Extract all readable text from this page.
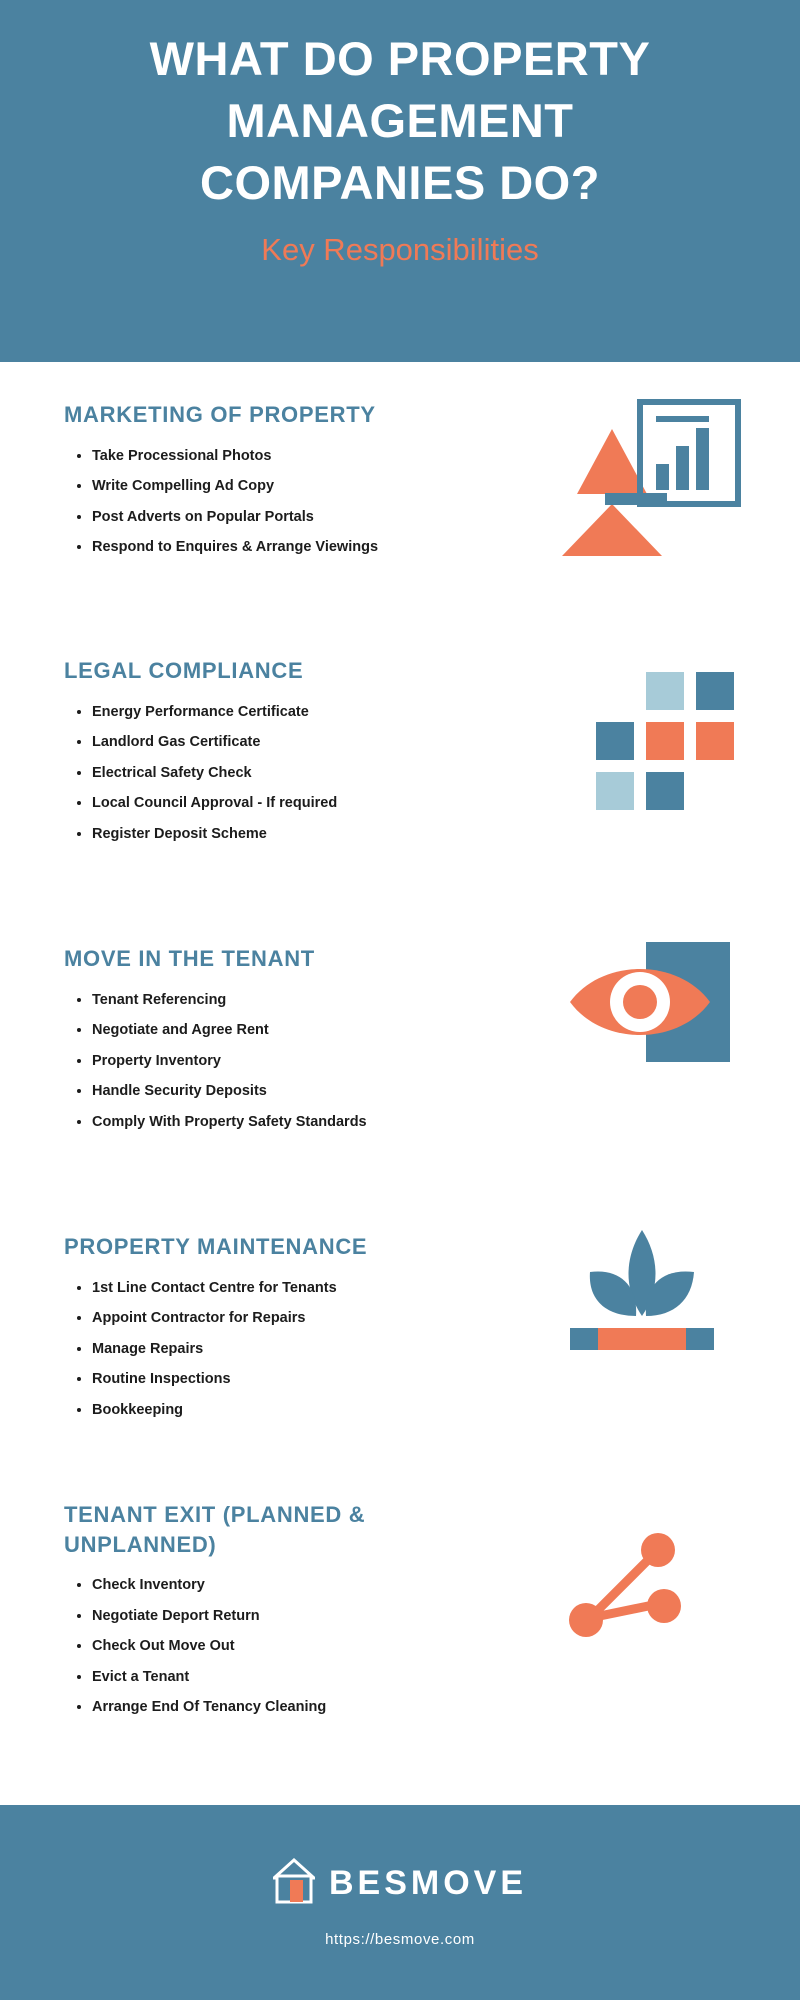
WHAT DO PROPERTY MANAGEMENT COMPANIES DO?
Key Responsibilities
MARKETING OF PROPERTY
• Take Processional Photos
• Write Compelling Ad Copy
• Post Adverts on Popular Portals
• Respond to Enquires & Arrange Viewings
LEGAL COMPLIANCE
• Energy Performance Certificate
• Landlord Gas Certificate
• Electrical Safety Check
• Local Council Approval - If required
• Register Deposit Scheme
MOVE IN THE TENANT
• Tenant Referencing
• Negotiate and Agree Rent
• Property Inventory
• Handle Security Deposits
• Comply With Property Safety Standards
PROPERTY MAINTENANCE
• 1st Line Contact Centre for Tenants
• Appoint Contractor for Repairs
• Manage Repairs
• Routine Inspections
• Bookkeeping
TENANT EXIT (PLANNED & UNPLANNED)
• Check Inventory
• Negotiate Deport Return
• Check Out Move Out
• Evict a Tenant
• Arrange End Of Tenancy Cleaning
BESMOVE
https://besmove.com
